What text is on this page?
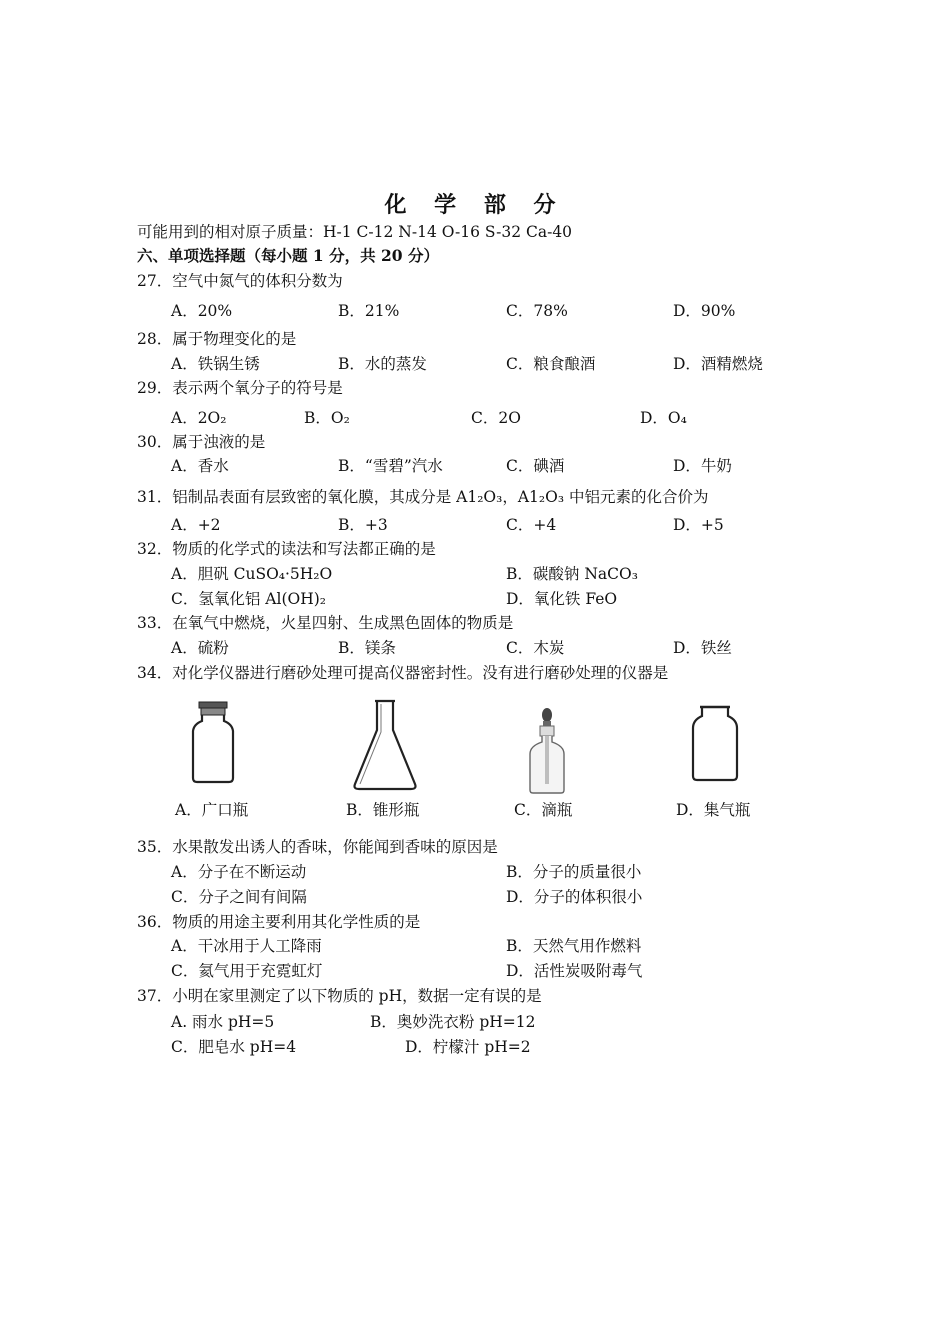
化 学 部 分
可能用到的相对原子质量：H-1 C-12 N-14 O-16 S-32 Ca-40
六、单项选择题（每小题 1 分，共 20 分）
27．空气中氮气的体积分数为
A．20%	B．21%	C．78%	D．90%
28．属于物理变化的是
A．铁锅生锈	B．水的蒸发	C．粮食酿酒	D．酒精燃烧
29．表示两个氧分子的符号是
A．2O₂	B．O₂	C．2O	D．O₄
30．属于浊液的是
A．香水	B．“雪碧”汽水	C．碘酒	D．牛奶
31．铝制品表面有层致密的氧化膜，其成分是 A1₂O₃，A1₂O₃ 中铝元素的化合价为
A．+2	B．+3	C．+4	D．+5
32．物质的化学式的读法和写法都正确的是
A．胆矾 CuSO₄·5H₂O	B．碳酸钠 NaCO₃
C．氢氧化铝 Al(OH)₂	D．氧化铁 FeO
33．在氧气中燃烧，火星四射、生成黑色固体的物质是
A．硫粉	B．镁条	C．木炭	D．铁丝
34．对化学仪器进行磨砂处理可提高仪器密封性。没有进行磨砂处理的仪器是
A．广口瓶	B．锥形瓶	C．滴瓶	D．集气瓶
35．水果散发出诱人的香味，你能闻到香味的原因是
A．分子在不断运动	B．分子的质量很小
C．分子之间有间隔	D．分子的体积很小
36．物质的用途主要利用其化学性质的是
A．干冰用于人工降雨	B．天然气用作燃料
C．氦气用于充霓虹灯	D．活性炭吸附毒气
37．小明在家里测定了以下物质的 pH，数据一定有误的是
A. 雨水 pH=5	B．奥妙洗衣粉 pH=12
C．肥皂水 pH=4	D．柠檬汁 pH=2
